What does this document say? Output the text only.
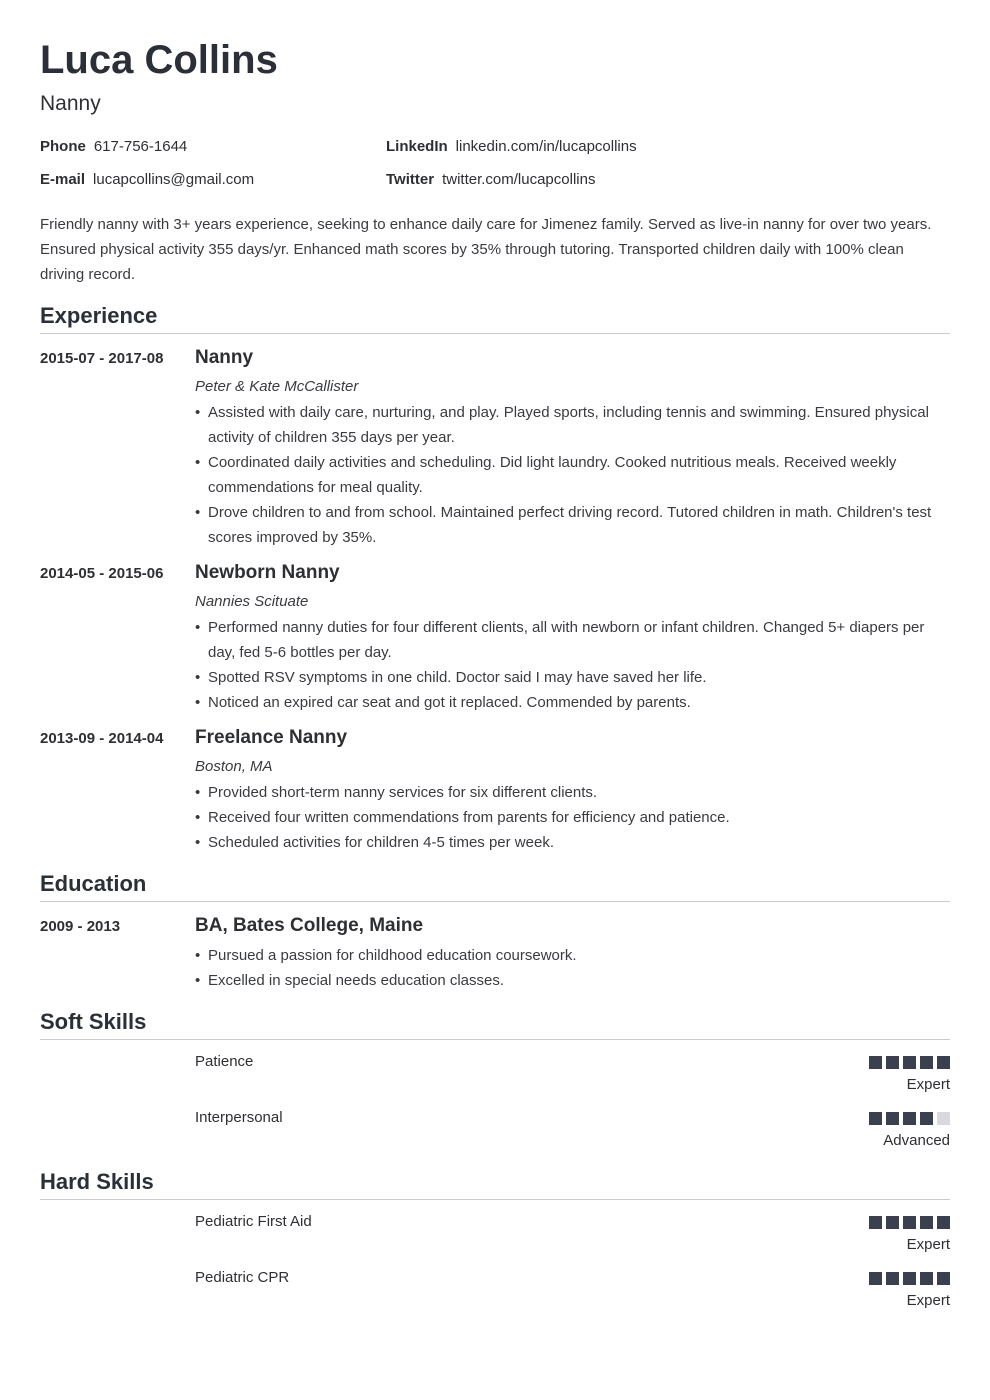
Luca Collins
Nanny
Phone 617-756-1644
E-mail lucapcollins@gmail.com
LinkedIn linkedin.com/in/lucapcollins
Twitter twitter.com/lucapcollins

Friendly nanny with 3+ years experience, seeking to enhance daily care for Jimenez family. Served as live-in nanny for over two years. Ensured physical activity 355 days/yr. Enhanced math scores by 35% through tutoring. Transported children daily with 100% clean driving record.

Experience
2015-07 - 2017-08 Nanny
Peter & Kate McCallister
• Assisted with daily care, nurturing, and play. Played sports, including tennis and swimming. Ensured physical activity of children 355 days per year.
• Coordinated daily activities and scheduling. Did light laundry. Cooked nutritious meals. Received weekly commendations for meal quality.
• Drove children to and from school. Maintained perfect driving record. Tutored children in math. Children's test scores improved by 35%.
2014-05 - 2015-06 Newborn Nanny
Nannies Scituate
• Performed nanny duties for four different clients, all with newborn or infant children. Changed 5+ diapers per day, fed 5-6 bottles per day.
• Spotted RSV symptoms in one child. Doctor said I may have saved her life.
• Noticed an expired car seat and got it replaced. Commended by parents.
2013-09 - 2014-04 Freelance Nanny
Boston, MA
• Provided short-term nanny services for six different clients.
• Received four written commendations from parents for efficiency and patience.
• Scheduled activities for children 4-5 times per week.
Education
2009 - 2013	BA, Bates College, Maine
• Pursued a passion for childhood education coursework.
• Excelled in special needs education classes.
Soft Skills
Patience
Expert
Interpersonal
Advanced
Hard Skills
Pediatric First Aid
Expert
Pediatric CPR
Expert
